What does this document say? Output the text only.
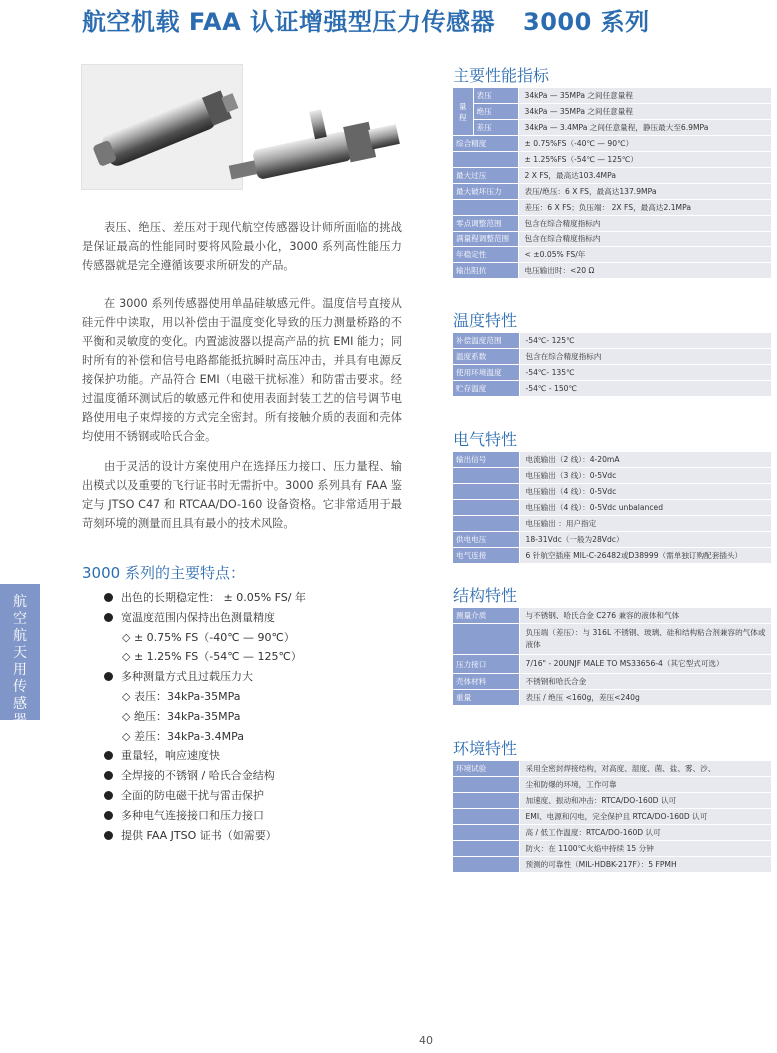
航空机载 FAA 认证增强型压力传感器 3000 系列

表压、绝压、差压对于现代航空传感器设计师所面临的挑战是保证最高的性能同时要将风险最小化，3000 系列高性能压力传感器就是完全遵循该要求所研发的产品。

在 3000 系列传感器使用单晶硅敏感元件。温度信号直接从硅元件中读取，用以补偿由于温度变化导致的压力测量桥路的不平衡和灵敏度的变化。内置滤波器以提高产品的抗 EMI 能力；同时所有的补偿和信号电路都能抵抗瞬时高压冲击，并具有电源反接保护功能。产品符合 EMI（电磁干扰标准）和防雷击要求。经过温度循环测试后的敏感元件和使用表面封装工艺的信号调节电路使用电子束焊接的方式完全密封。所有接触介质的表面和壳体均使用不锈钢或哈氏合金。

由于灵活的设计方案使用户在选择压力接口、压力量程、输出模式以及重要的飞行证书时无需折中。3000 系列具有 FAA 鉴定与 JTSO C47 和 RTCAA/DO-160 设备资格。它非常适用于最苛刻环境的测量而且具有最小的技术风险。

3000 系列的主要特点：
出色的长期稳定性： ± 0.05% FS/ 年
宽温度范围内保持出色测量精度
◇ ± 0.75% FS（-40℃ — 90℃）
◇ ± 1.25% FS（-54℃ — 125℃）
多种测量方式且过载压力大
◇ 表压：34kPa-35MPa
◇ 绝压：34kPa-35MPa
◇ 差压：34kPa-3.4MPa
重量轻，响应速度快
全焊接的不锈钢 / 哈氏合金结构
全面的防电磁干扰与雷击保护
多种电气连接接口和压力接口
提供 FAA JTSO 证书（如需要）
航空航天用传感器
主要性能指标
量程	表压	34kPa — 35MPa 之间任意量程
	绝压	34kPa — 35MPa 之间任意量程
	差压	34kPa — 3.4MPa 之间任意量程，静压最大至6.9MPa
综合精度		± 0.75%FS（-40℃ — 90℃）
		± 1.25%FS（-54℃ — 125℃）
最大过压		2 X FS，最高达103.4MPa
最大破坏压力		表压/绝压：6 X FS，最高达137.9MPa
		差压：6 X FS；负压端： 2X FS，最高达2.1MPa
零点调整范围		包含在综合精度指标内
满量程调整范围		包含在综合精度指标内
年稳定性		< ±0.05% FS/年
输出阻抗		电压输出时：<20 Ω
温度特性
补偿温度范围	-54℃- 125℃
温度系数	包含在综合精度指标内
使用环境温度	-54℃- 135℃
贮存温度	-54℃ - 150℃
电气特性
输出信号	电流输出（2 线）：4-20mA
	电压输出（3 线）：0-5Vdc
	电压输出（4 线）：0-5Vdc
	电压输出（4 线）：0-5Vdc unbalanced
	电压输出 ：用户指定
供电电压	18-31Vdc（一般为28Vdc）
电气连接	6 针航空插座 MIL-C-26482或D38999（需单独订购配套插头）
结构特性
测量介质	与不锈钢、哈氏合金 C276 兼容的液体和气体
	负压端（差压）：与 316L 不锈钢、玻璃、硅和结构粘合剂兼容的气体或液体
压力接口	7/16" - 20UNJF MALE TO MS33656-4（其它型式可选）
壳体材料	不锈钢和哈氏合金
重量	表压 / 绝压 <160g，差压<240g
环境特性
环境试验	采用全密封焊接结构，对高度、湿度、菌、盐、雾、沙、
	尘和防爆的环境，工作可靠
	加速度、振动和冲击：RTCA/DO-160D 认可
	EMI、电源和闪电，完全保护且 RTCA/DO-160D 认可
	高 / 低工作温度：RTCA/DO-160D 认可
	防火：在 1100℃火焰中持续 15 分钟
	预测的可靠性（MIL-HDBK-217F）：5 FPMH
40
